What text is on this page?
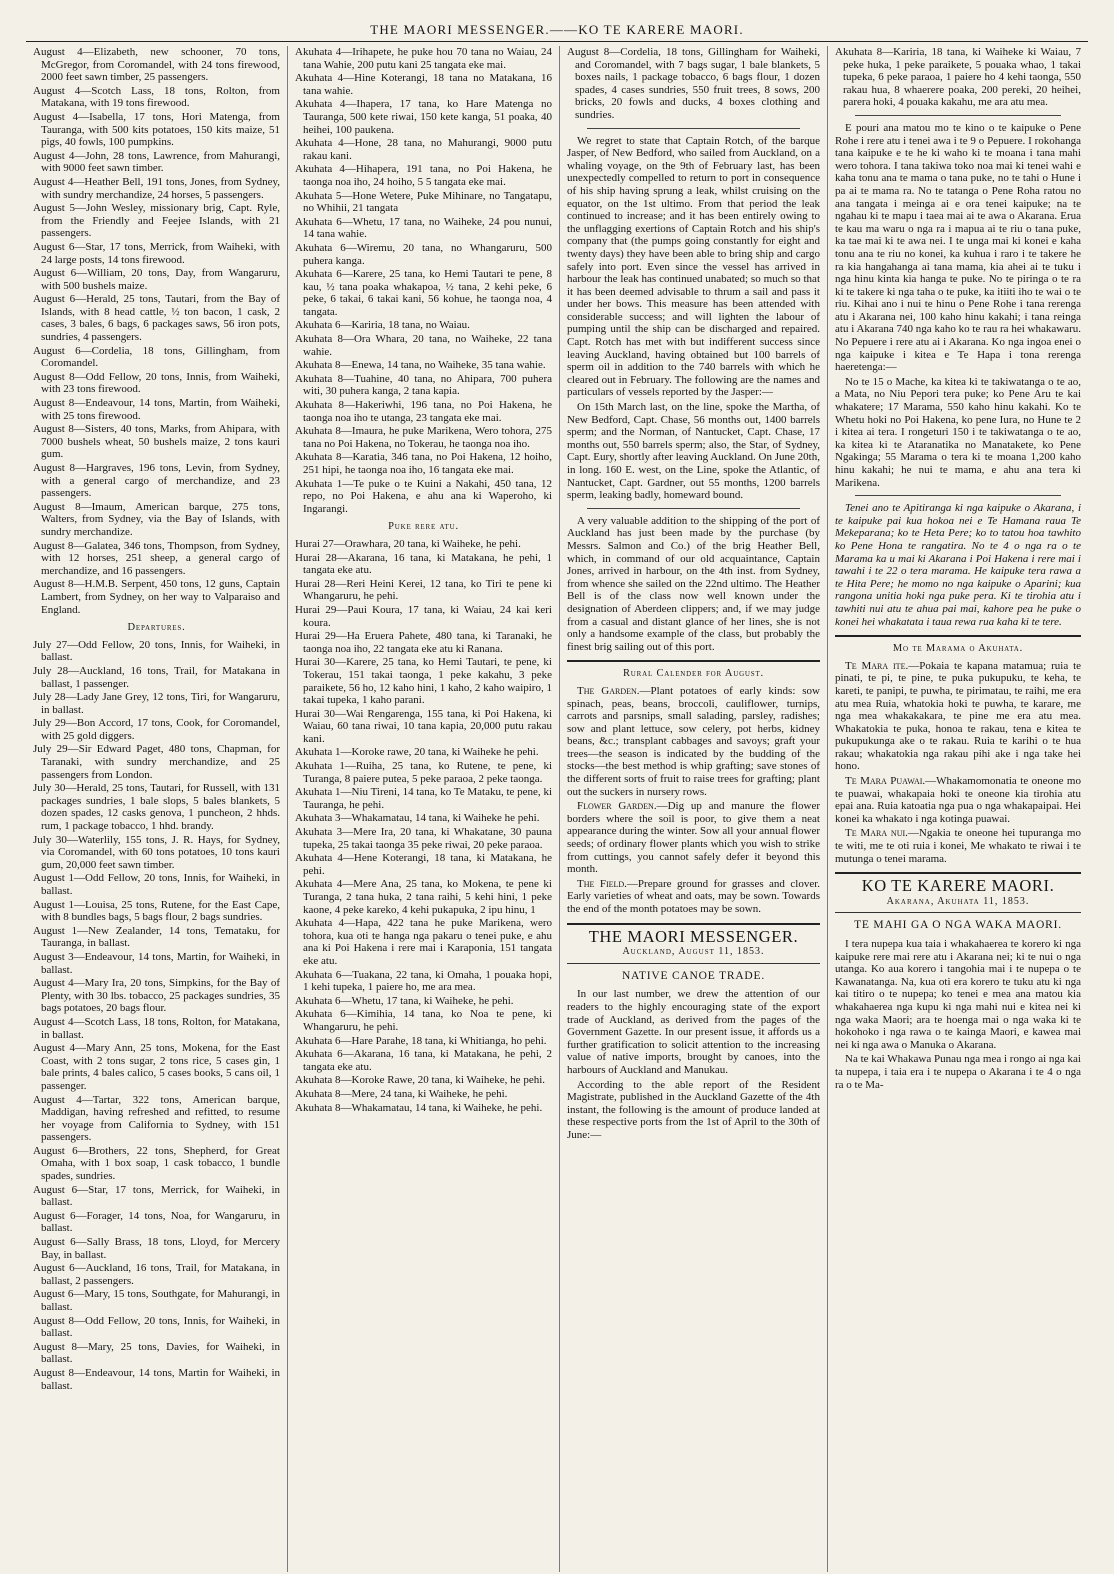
THE MAORI MESSENGER.——KO TE KARERE MAORI.

August 4—Elizabeth, new schooner, 70 tons, McGregor, from Coromandel, with 24 tons firewood, 2000 feet sawn timber, 25 passengers.

August 4—Scotch Lass, 18 tons, Rolton, from Matakana, with 19 tons firewood.

August 4—Isabella, 17 tons, Hori Matenga, from Tauranga, with 500 kits potatoes, 150 kits maize, 51 pigs, 40 fowls, 100 pumpkins.

August 4—John, 28 tons, Lawrence, from Mahurangi, with 9000 feet sawn timber.

August 4—Heather Bell, 191 tons, Jones, from Sydney, with sundry merchandize, 24 horses, 5 passengers.

August 5—John Wesley, missionary brig, Capt. Ryle, from the Friendly and Feejee Islands, with 21 passengers.

August 6—Star, 17 tons, Merrick, from Waiheki, with 24 large posts, 14 tons firewood.

August 6—William, 20 tons, Day, from Wangaruru, with 500 bushels maize.

August 6—Herald, 25 tons, Tautari, from the Bay of Islands, with 8 head cattle, ½ ton bacon, 1 cask, 2 cases, 3 bales, 6 bags, 6 packages saws, 56 iron pots, sundries, 4 passengers.

August 6—Cordelia, 18 tons, Gillingham, from Coromandel.

August 8—Odd Fellow, 20 tons, Innis, from Waiheki, with 23 tons firewood.

August 8—Endeavour, 14 tons, Martin, from Waiheki, with 25 tons firewood.

August 8—Sisters, 40 tons, Marks, from Ahipara, with 7000 bushels wheat, 50 bushels maize, 2 tons kauri gum.

August 8—Hargraves, 196 tons, Levin, from Sydney, with a general cargo of merchandize, and 23 passengers.

August 8—Imaum, American barque, 275 tons, Walters, from Sydney, via the Bay of Islands, with sundry merchandize.

August 8—Galatea, 346 tons, Thompson, from Sydney, with 12 horses, 251 sheep, a general cargo of merchandize, and 16 passengers.

August 8—H.M.B. Serpent, 450 tons, 12 guns, Captain Lambert, from Sydney, on her way to Valparaiso and England.

Departures.

July 27—Odd Fellow, 20 tons, Innis, for Waiheki, in ballast.

July 28—Auckland, 16 tons, Trail, for Matakana in ballast, 1 passenger.

July 28—Lady Jane Grey, 12 tons, Tiri, for Wangaruru, in ballast.

July 29—Bon Accord, 17 tons, Cook, for Coromandel, with 25 gold diggers.

July 29—Sir Edward Paget, 480 tons, Chapman, for Taranaki, with sundry merchandize, and 25 passengers from London.

July 30—Herald, 25 tons, Tautari, for Russell, with 131 packages sundries, 1 bale slops, 5 bales blankets, 5 dozen spades, 12 casks genova, 1 puncheon, 2 hhds. rum, 1 package tobacco, 1 hhd. brandy.

July 30—Waterlily, 155 tons, J. R. Hays, for Sydney, via Coromandel, with 60 tons potatoes, 10 tons kauri gum, 20,000 feet sawn timber.

August 1—Odd Fellow, 20 tons, Innis, for Waiheki, in ballast.

August 1—Louisa, 25 tons, Rutene, for the East Cape, with 8 bundles bags, 5 bags flour, 2 bags sundries.

August 1—New Zealander, 14 tons, Temataku, for Tauranga, in ballast.

August 3—Endeavour, 14 tons, Martin, for Waiheki, in ballast.

August 4—Mary Ira, 20 tons, Simpkins, for the Bay of Plenty, with 30 lbs. tobacco, 25 packages sundries, 35 bags potatoes, 20 bags flour.

August 4—Scotch Lass, 18 tons, Rolton, for Matakana, in ballast.

August 4—Mary Ann, 25 tons, Mokena, for the East Coast, with 2 tons sugar, 2 tons rice, 5 cases gin, 1 bale prints, 4 bales calico, 5 cases books, 5 cans oil, 1 passenger.

August 4—Tartar, 322 tons, American barque, Maddigan, having refreshed and refitted, to resume her voyage from California to Sydney, with 151 passengers.

August 6—Brothers, 22 tons, Shepherd, for Great Omaha, with 1 box soap, 1 cask tobacco, 1 bundle spades, sundries.

August 6—Star, 17 tons, Merrick, for Waiheki, in ballast.

August 6—Forager, 14 tons, Noa, for Wangaruru, in ballast.

August 6—Sally Brass, 18 tons, Lloyd, for Mercery Bay, in ballast.

August 6—Auckland, 16 tons, Trail, for Matakana, in ballast, 2 passengers.

August 6—Mary, 15 tons, Southgate, for Mahurangi, in ballast.

August 8—Odd Fellow, 20 tons, Innis, for Waiheki, in ballast.

August 8—Mary, 25 tons, Davies, for Waiheki, in ballast.

August 8—Endeavour, 14 tons, Martin for Waiheki, in ballast.

Akuhata 4—Irihapete, he puke hou 70 tana no Waiau, 24 tana Wahie, 200 putu kani 25 tangata eke mai.

Akuhata 4—Hine Koterangi, 18 tana no Matakana, 16 tana wahie.

Akuhata 4—Ihapera, 17 tana, ko Hare Matenga no Tauranga, 500 kete riwai, 150 kete kanga, 51 poaka, 40 heihei, 100 paukena.

Akuhata 4—Hone, 28 tana, no Mahurangi, 9000 putu rakau kani.

Akuhata 4—Hihapera, 191 tana, no Poi Hakena, he taonga noa iho, 24 hoiho, 5 5 tangata eke mai.

Akuhata 5—Hone Wetere, Puke Mihinare, no Tangatapu, no Whihii, 21 tangata

Akuhata 6—Whetu, 17 tana, no Waiheke, 24 pou nunui, 14 tana wahie.

Akuhata 6—Wiremu, 20 tana, no Whangaruru, 500 puhera kanga.

Akuhata 6—Karere, 25 tana, ko Hemi Tautari te pene, 8 kau, ½ tana poaka whakapoa, ½ tana, 2 kehi peke, 6 peke, 6 takai, 6 takai kani, 56 kohue, he taonga noa, 4 tangata.

Akuhata 6—Kariria, 18 tana, no Waiau.

Akuhata 8—Ora Whara, 20 tana, no Waiheke, 22 tana wahie.

Akuhata 8—Enewa, 14 tana, no Waiheke, 35 tana wahie.

Akuhata 8—Tuahine, 40 tana, no Ahipara, 700 puhera witi, 30 puhera kanga, 2 tana kapia.

Akuhata 8—Hakeriwhi, 196 tana, no Poi Hakena, he taonga noa iho te utanga, 23 tangata eke mai.

Akuhata 8—Imaura, he puke Marikena, Wero tohora, 275 tana no Poi Hakena, no Tokerau, he taonga noa iho.

Akuhata 8—Karatia, 346 tana, no Poi Hakena, 12 hoiho, 251 hipi, he taonga noa iho, 16 tangata eke mai.

Akuhata 1—Te puke o te Kuini a Nakahi, 450 tana, 12 repo, no Poi Hakena, e ahu ana ki Waperoho, ki Ingarangi.

Puke rere atu.

Hurai 27—Orawhara, 20 tana, ki Waiheke, he pehi.

Hurai 28—Akarana, 16 tana, ki Matakana, he pehi, 1 tangata eke atu.

Hurai 28—Reri Heini Kerei, 12 tana, ko Tiri te pene ki Whangaruru, he pehi.

Hurai 29—Paui Koura, 17 tana, ki Waiau, 24 kai keri koura.

Hurai 29—Ha Eruera Pahete, 480 tana, ki Taranaki, he taonga noa iho, 22 tangata eke atu ki Ranana.

Hurai 30—Karere, 25 tana, ko Hemi Tautari, te pene, ki Tokerau, 151 takai taonga, 1 peke kakahu, 3 peke paraikete, 56 ho, 12 kaho hini, 1 kaho, 2 kaho waipiro, 1 takai tupeka, 1 kaho parani.

Hurai 30—Wai Rengarenga, 155 tana, ki Poi Hakena, ki Waiau, 60 tana riwai, 10 tana kapia, 20,000 putu rakau kani.

Akuhata 1—Koroke rawe, 20 tana, ki Waiheke he pehi.

Akuhata 1—Ruiha, 25 tana, ko Rutene, te pene, ki Turanga, 8 paiere putea, 5 peke paraoa, 2 peke taonga.

Akuhata 1—Niu Tireni, 14 tana, ko Te Mataku, te pene, ki Tauranga, he pehi.

Akuhata 3—Whakamatau, 14 tana, ki Waiheke he pehi.

Akuhata 3—Mere Ira, 20 tana, ki Whakatane, 30 pauna tupeka, 25 takai taonga 35 peke riwai, 20 peke paraoa.

Akuhata 4—Hene Koterangi, 18 tana, ki Matakana, he pehi.

Akuhata 4—Mere Ana, 25 tana, ko Mokena, te pene ki Turanga, 2 tana huka, 2 tana raihi, 5 kehi hini, 1 peke kaone, 4 peke kareko, 4 kehi pukapuka, 2 ipu hinu, 1

Akuhata 4—Hapa, 422 tana he puke Marikena, wero tohora, kua oti te hanga nga pakaru o tenei puke, e ahu ana ki Poi Hakena i rere mai i Karaponia, 151 tangata eke atu.

Akuhata 6—Tuakana, 22 tana, ki Omaha, 1 pouaka hopi, 1 kehi tupeka, 1 paiere ho, me ara mea.

Akuhata 6—Whetu, 17 tana, ki Waiheke, he pehi.

Akuhata 6—Kimihia, 14 tana, ko Noa te pene, ki Whangaruru, he pehi.

Akuhata 6—Hare Parahe, 18 tana, ki Whitianga, ho pehi.

Akuhata 6—Akarana, 16 tana, ki Matakana, he pehi, 2 tangata eke atu.

Akuhata 8—Koroke Rawe, 20 tana, ki Waiheke, he pehi.

Akuhata 8—Mere, 24 tana, ki Waiheke, he pehi.

Akuhata 8—Whakamatau, 14 tana, ki Waiheke, he pehi.

August 8—Cordelia, 18 tons, Gillingham for Waiheki, and Coromandel, with 7 bags sugar, 1 bale blankets, 5 boxes nails, 1 package tobacco, 6 bags flour, 1 dozen spades, 4 cases sundries, 550 fruit trees, 8 sows, 200 bricks, 20 fowls and ducks, 4 boxes clothing and sundries.

We regret to state that Captain Rotch, of the barque Jasper, of New Bedford, who sailed from Auckland, on a whaling voyage, on the 9th of February last, has been unexpectedly compelled to return to port in consequence of his ship having sprung a leak, whilst cruising on the equator, on the 1st ultimo. From that period the leak continued to increase; and it has been entirely owing to the unflagging exertions of Captain Rotch and his ship's company that (the pumps going constantly for eight and twenty days) they have been able to bring ship and cargo safely into port. Even since the vessel has arrived in harbour the leak has continued unabated; so much so that it has been deemed advisable to thrum a sail and pass it under her bows. This measure has been attended with considerable success; and will lighten the labour of pumping until the ship can be discharged and repaired. Capt. Rotch has met with but indifferent success since leaving Auckland, having obtained but 100 barrels of sperm oil in addition to the 740 barrels with which he cleared out in February. The following are the names and particulars of vessels reported by the Jasper:—

On 15th March last, on the line, spoke the Martha, of New Bedford, Capt. Chase, 56 months out, 1400 barrels sperm; and the Norman, of Nantucket, Capt. Chase, 17 months out, 550 barrels sperm; also, the Star, of Sydney, Capt. Eury, shortly after leaving Auckland. On June 20th, in long. 160 E. west, on the Line, spoke the Atlantic, of Nantucket, Capt. Gardner, out 55 months, 1200 barrels sperm, leaking badly, homeward bound.

A very valuable addition to the shipping of the port of Auckland has just been made by the purchase (by Messrs. Salmon and Co.) of the brig Heather Bell, which, in command of our old acquaintance, Captain Jones, arrived in harbour, on the 4th inst. from Sydney, from whence she sailed on the 22nd ultimo. The Heather Bell is of the class now well known under the designation of Aberdeen clippers; and, if we may judge from a casual and distant glance of her lines, she is not only a handsome example of the class, but probably the finest brig sailing out of this port.

Rural Calender for August.

The Garden.—Plant potatoes of early kinds: sow spinach, peas, beans, broccoli, cauliflower, turnips, carrots and parsnips, small salading, parsley, radishes; sow and plant lettuce, sow celery, pot herbs, kidney beans, &c.; transplant cabbages and savoys; graft your trees—the season is indicated by the budding of the stocks—the best method is whip grafting; save stones of the different sorts of fruit to raise trees for grafting; plant out the suckers in nursery rows.

Flower Garden.—Dig up and manure the flower borders where the soil is poor, to give them a neat appearance during the winter. Sow all your annual flower seeds; of ordinary flower plants which you wish to strike from cuttings, you cannot safely defer it beyond this month.

The Field.—Prepare ground for grasses and clover. Early varieties of wheat and oats, may be sown. Towards the end of the month potatoes may be sown.

THE MAORI MESSENGER.
Auckland, August 11, 1853.
NATIVE CANOE TRADE.

In our last number, we drew the attention of our readers to the highly encouraging state of the export trade of Auckland, as derived from the pages of the Government Gazette. In our present issue, it affords us a further gratification to solicit attention to the increasing value of native imports, brought by canoes, into the harbours of Auckland and Manukau.

According to the able report of the Resident Magistrate, published in the Auckland Gazette of the 4th instant, the following is the amount of produce landed at these respective ports from the 1st of April to the 30th of June:—

Akuhata 8—Kariria, 18 tana, ki Waiheke ki Waiau, 7 peke huka, 1 peke paraikete, 5 pouaka whao, 1 takai tupeka, 6 peke paraoa, 1 paiere ho 4 kehi taonga, 550 rakau hua, 8 whaerere poaka, 200 pereki, 20 heihei, parera hoki, 4 pouaka kakahu, me ara atu mea.

E pouri ana matou mo te kino o te kaipuke o Pene Rohe i rere atu i tenei awa i te 9 o Pepuere. I rokohanga tana kaipuke e te he ki waho ki te moana i tana mahi wero tohora. I tana takiwa toko noa mai ki tenei wahi e kaha tonu ana te mama o tana puke, no te tahi o Hune i pa ai te mama ra. No te tatanga o Pene Roha ratou no ana tangata i meinga ai e ora tenei kaipuke; na te ngahau ki te mapu i taea mai ai te awa o Akarana. Erua te kau ma waru o nga ra i mapua ai te riu o tana puke, ka tae mai ki te awa nei. I te unga mai ki konei e kaha tonu ana te riu no konei, ka kuhua i raro i te takere he ra kia hangahanga ai tana mama, kia ahei ai te tuku i nga hinu kinta kia hanga te puke. No te piringa o te ra ki te takere ki nga taha o te puke, ka itiiti iho te wai o te riu. Kihai ano i nui te hinu o Pene Rohe i tana rerenga atu i Akarana nei, 100 kaho hinu kakahi; i tana reinga atu i Akarana 740 nga kaho ko te rau ra hei whakawaru. No Pepuere i rere atu ai i Akarana. Ko nga ingoa enei o nga kaipuke i kitea e Te Hapa i tona rerenga haeretenga:—

No te 15 o Mache, ka kitea ki te takiwatanga o te ao, a Mata, no Niu Pepori tera puke; ko Pene Aru te kai whakatere; 17 Marama, 550 kaho hinu kakahi. Ko te Whetu hoki no Poi Hakena, ko pene Iura, no Hune te 2 i kitea ai tera. I rongeturi 150 i te takiwatanga o te ao, ka kitea ki te Ataranatika no Manatakete, ko Pene Ngakinga; 55 Marama o tera ki te moana 1,200 kaho hinu kakahi; he nui te mama, e ahu ana tera ki Marikena.

Tenei ano te Apitiranga ki nga kaipuke o Akarana, i te kaipuke pai kua hokoa nei e Te Hamana raua Te Mekeparana; ko te Heta Pere; ko to tatou hoa tawhito ko Pene Hona te rangatira. No te 4 o nga ra o te Marama ka u mai ki Akarana i Poi Hakena i rere mai i tawahi i te 22 o tera marama. He kaipuke tera rawa a te Hita Pere; he momo no nga kaipuke o Aparini; kua rangona unitia hoki nga puke pera. Ki te tirohia atu i tawhiti nui atu te ahua pai mai, kahore pea he puke o konei hei whakatata i taua rewa rua kaha ki te tere.

Mo te Marama o Akuhata.

Te Mara ite.—Pokaia te kapana matamua; ruia te pinati, te pi, te pine, te puka pukupuku, te keha, te kareti, te panipi, te puwha, te pirimatau, te raihi, me era atu mea Ruia, whatokia hoki te puwha, te karare, me nga mea whakakakara, te pine me era atu mea. Whakatokia te puka, honoa te rakau, tena e kitea te pukupukunga ake o te rakau. Ruia te karihi o te hua rakau; whakatokia nga rakau pihi ake i nga take hei hono.

Te Mara Puawai.—Whakamomonatia te oneone mo te puawai, whakapaia hoki te oneone kia tirohia atu epai ana. Ruia katoatia nga pua o nga whakapaipai. Hei konei ka whakato i nga kotinga puawai.

Te Mara nui.—Ngakia te oneone hei tupuranga mo te witi, me te oti ruia i konei, Me whakato te riwai i te mutunga o tenei marama.

KO TE KARERE MAORI.
Akarana, Akuhata 11, 1853.
TE MAHI GA O NGA WAKA MAORI.

I tera nupepa kua taia i whakahaerea te korero ki nga kaipuke rere mai rere atu i Akarana nei; ki te nui o nga utanga. Ko aua korero i tangohia mai i te nupepa o te Kawanatanga. Na, kua oti era korero te tuku atu ki nga kai titiro o te nupepa; ko tenei e mea ana matou kia whakahaerea nga kupu ki nga mahi nui e kitea nei ki nga waka Maori; ara te hoenga mai o nga waka ki te hokohoko i nga rawa o te kainga Maori, e kawea mai nei ki nga awa o Manuka o Akarana.

Na te kai Whakawa Punau nga mea i rongo ai nga kai ta nupepa, i taia era i te nupepa o Akarana i te 4 o nga ra o te Ma-
